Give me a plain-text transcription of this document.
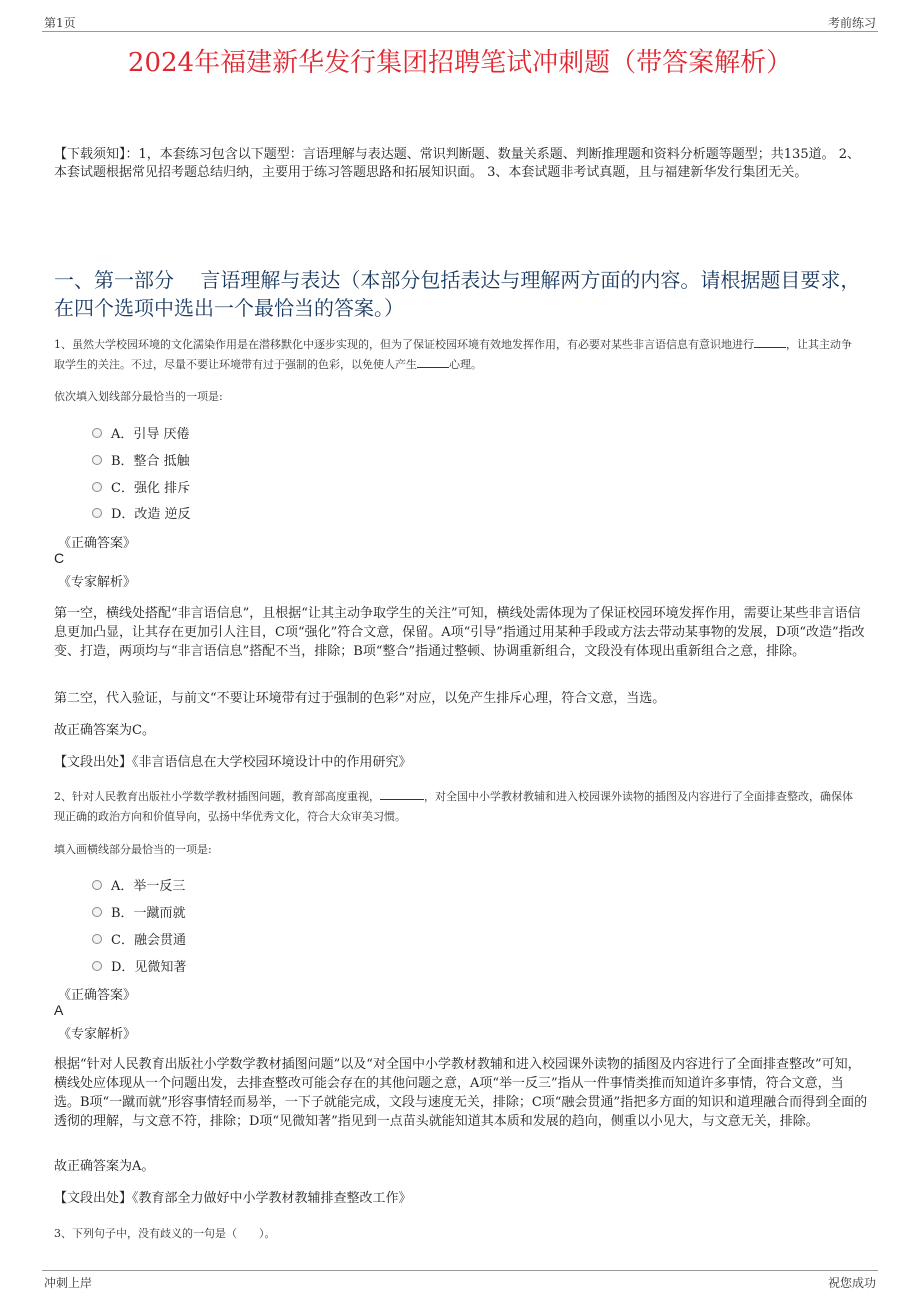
第1页	考前练习
2024年福建新华发行集团招聘笔试冲刺题（带答案解析）
【下载须知】：1，本套练习包含以下题型：言语理解与表达题、常识判断题、数量关系题、判断推理题和资料分析题等题型；共135道。 2、本套试题根据常见招考题总结归纳，主要用于练习答题思路和拓展知识面。 3、本套试题非考试真题，且与福建新华发行集团无关。
一、第一部分 　言语理解与表达（本部分包括表达与理解两方面的内容。请根据题目要求，在四个选项中选出一个最恰当的答案。）
1、虽然大学校园环境的文化濡染作用是在潜移默化中逐步实现的，但为了保证校园环境有效地发挥作用，有必要对某些非言语信息有意识地进行	，让其主动争取学生的关注。不过，尽量不要让环境带有过于强制的色彩，以免使人产生	心理。
依次填入划线部分最恰当的一项是:
A．引导 厌倦
B．整合 抵触
C．强化 排斥
D．改造 逆反
《正确答案》
C
《专家解析》
第一空，横线处搭配“非言语信息”，且根据“让其主动争取学生的关注”可知，横线处需体现为了保证校园环境发挥作用，需要让某些非言语信息更加凸显，让其存在更加引人注目，C项“强化”符合文意，保留。A项“引导”指通过用某种手段或方法去带动某事物的发展，D项“改造”指改变、打造，两项均与“非言语信息”搭配不当，排除；B项“整合”指通过整顿、协调重新组合，文段没有体现出重新组合之意，排除。
第二空，代入验证，与前文“不要让环境带有过于强制的色彩”对应，以免产生排斥心理，符合文意，当选。
故正确答案为C。
【文段出处】《非言语信息在大学校园环境设计中的作用研究》
2、针对人民教育出版社小学数学教材插图问题，教育部高度重视，	，对全国中小学教材教辅和进入校园课外读物的插图及内容进行了全面排查整改，确保体现正确的政治方向和价值导向，弘扬中华优秀文化，符合大众审美习惯。
填入画横线部分最恰当的一项是:
A．举一反三
B．一蹴而就
C．融会贯通
D．见微知著
《正确答案》
A
《专家解析》
根据“针对人民教育出版社小学数学教材插图问题”以及“对全国中小学教材教辅和进入校园课外读物的插图及内容进行了全面排查整改”可知，横线处应体现从一个问题出发，去排查整改可能会存在的其他问题之意，A项“举一反三”指从一件事情类推而知道许多事情，符合文意，当选。B项“一蹴而就”形容事情轻而易举，一下子就能完成，文段与速度无关，排除；C项“融会贯通”指把多方面的知识和道理融合而得到全面的透彻的理解，与文意不符，排除；D项“见微知著”指见到一点苗头就能知道其本质和发展的趋向，侧重以小见大，与文意无关，排除。
故正确答案为A。
【文段出处】《教育部全力做好中小学教材教辅排查整改工作》
3、下列句子中，没有歧义的一句是（　　）。
冲刺上岸	祝您成功
